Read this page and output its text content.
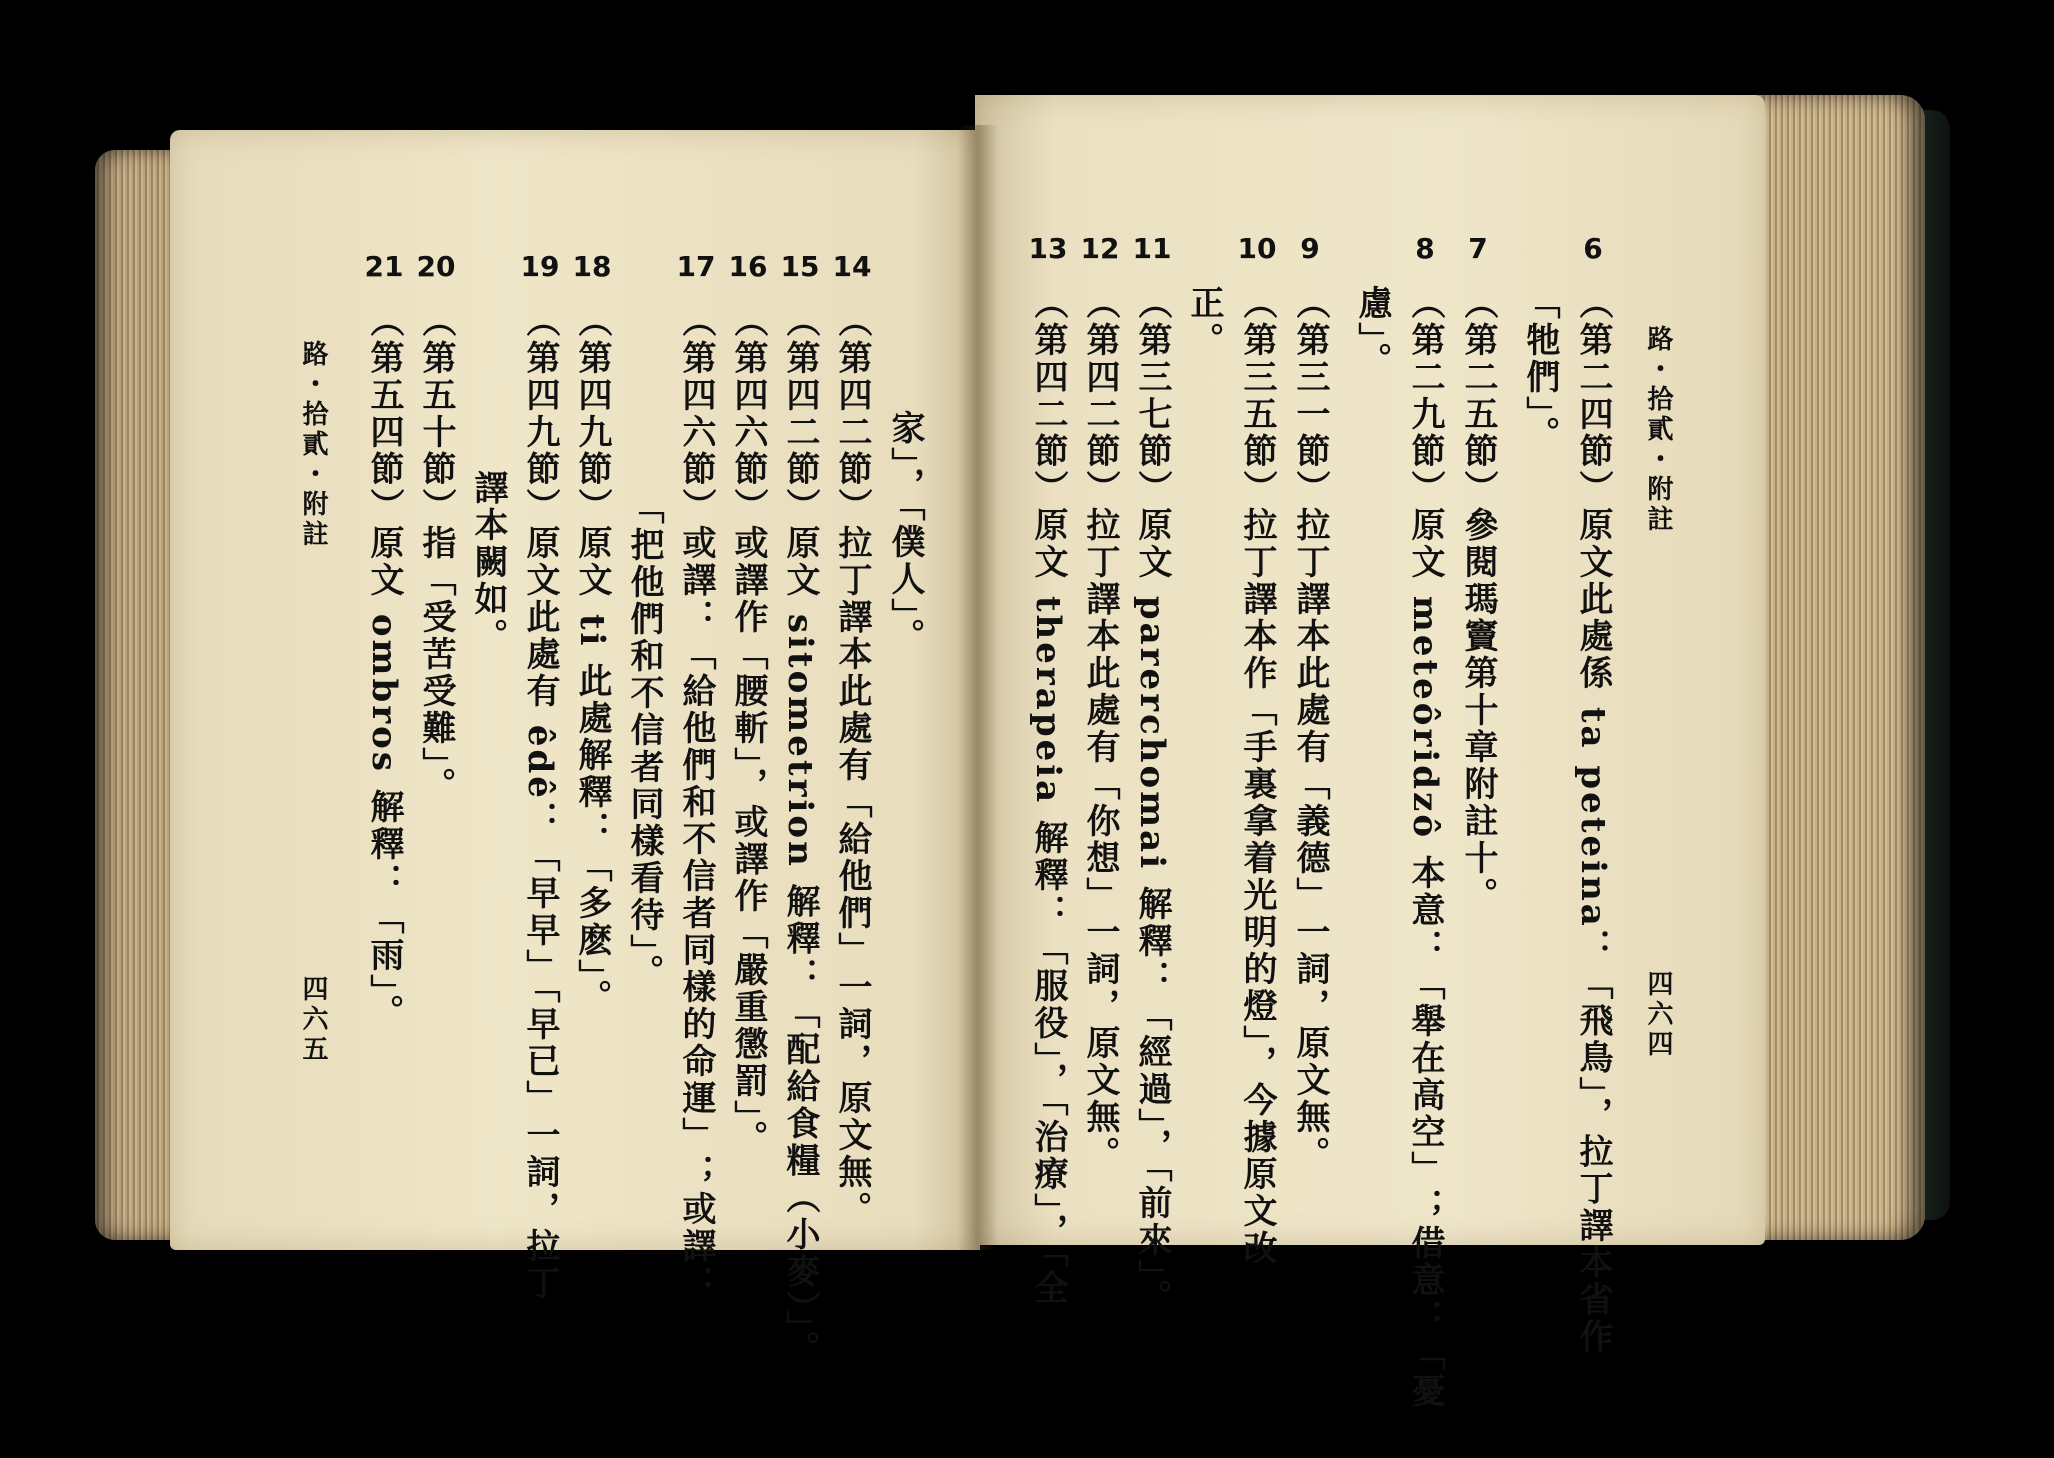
路・拾貳・附註
四六四
6
（第二四節）原文此處係 ta peteina：「飛鳥」，拉丁譯本省作
「牠們」。
7
（第二五節）參閱瑪竇第十章附註十。
8
（第二九節）原文 meteôridzô 本意：「舉在高空」；借意：「憂
慮」。
9
（第三一節）拉丁譯本此處有「義德」一詞，原文無。
10
（第三五節）拉丁譯本作「手裏拿着光明的燈」，今據原文改
正。
11
（第三七節）原文 parerchomai 解釋：「經過」，「前來」。
12
（第四二節）拉丁譯本此處有「你想」一詞，原文無。
13
（第四二節）原文 therapeia 解釋：「服役」，「治療」，「全
家」，「僕人」。
14
（第四二節）拉丁譯本此處有「給他們」一詞，原文無。
15
（第四二節）原文 sitometrion 解釋：「配給食糧（小麥）」。
16
（第四六節）或譯作「腰斬」，或譯作「嚴重懲罰」。
17
（第四六節）或譯：「給他們和不信者同樣的命運」；或譯：
「把他們和不信者同樣看待」。
18
（第四九節）原文 ti 此處解釋：「多麽」。
19
（第四九節）原文此處有 êdê：「早早」「早已」一詞，拉丁
譯本闕如。
20
（第五十節）指「受苦受難」。
21
（第五四節）原文 ombros 解釋：「雨」。
路・拾貳・附註
四六五
